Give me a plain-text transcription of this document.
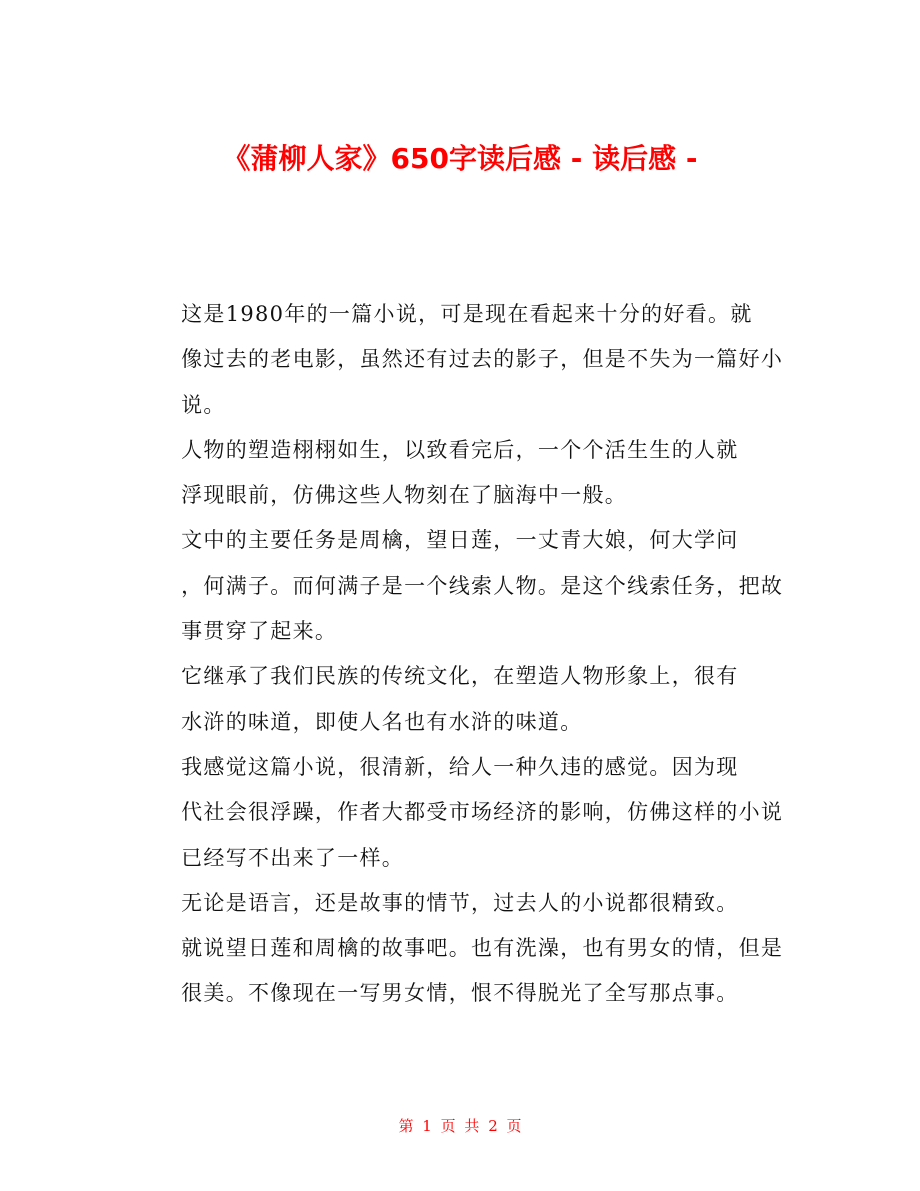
《蒲柳人家》650字读后感 - 读后感 -

这是1980年的一篇小说，可是现在看起来十分的好看。就
像过去的老电影，虽然还有过去的影子，但是不失为一篇好小
说。

人物的塑造栩栩如生，以致看完后，一个个活生生的人就
浮现眼前，仿佛这些人物刻在了脑海中一般。

文中的主要任务是周檎，望日莲，一丈青大娘，何大学问
，何满子。而何满子是一个线索人物。是这个线索任务，把故
事贯穿了起来。

它继承了我们民族的传统文化，在塑造人物形象上，很有
水浒的味道，即使人名也有水浒的味道。

我感觉这篇小说，很清新，给人一种久违的感觉。因为现
代社会很浮躁，作者大都受市场经济的影响，仿佛这样的小说
已经写不出来了一样。

无论是语言，还是故事的情节，过去人的小说都很精致。
就说望日莲和周檎的故事吧。也有洗澡，也有男女的情，但是
很美。不像现在一写男女情，恨不得脱光了全写那点事。

第 1 页 共 2 页
